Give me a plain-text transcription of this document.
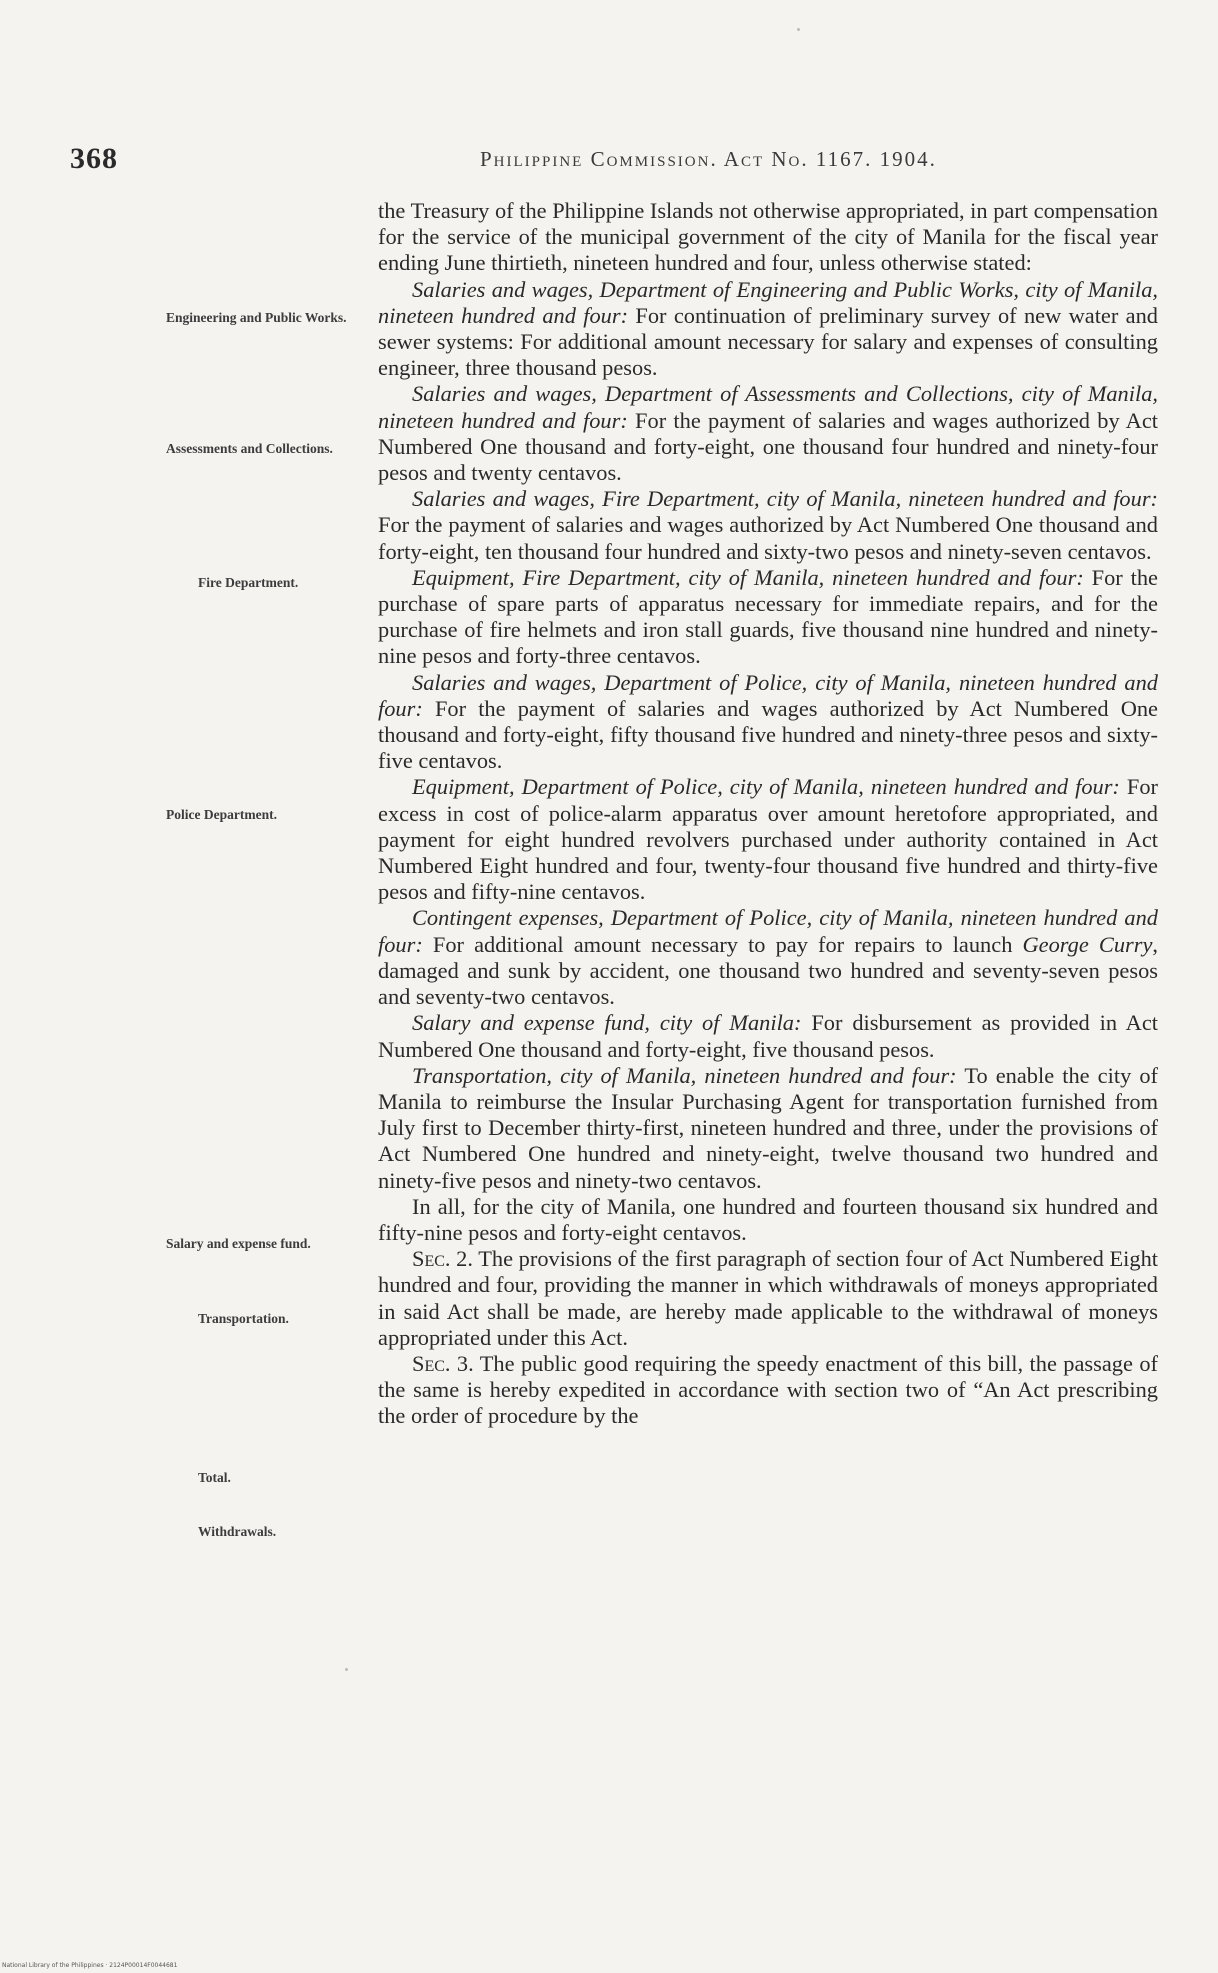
368	Philippine Commission. Act No. 1167. 1904.
Engineering and Public Works.
Assessments and Collections.
Fire Department.
Police Department.
Salary and expense fund.
Transportation.
Total.
Withdrawals.

the Treasury of the Philippine Islands not otherwise appropriated, in part compensation for the service of the municipal government of the city of Manila for the fiscal year ending June thirtieth, nineteen hundred and four, unless otherwise stated:

Salaries and wages, Department of Engineering and Public Works, city of Manila, nineteen hundred and four: For continuation of preliminary survey of new water and sewer systems: For additional amount necessary for salary and expenses of consulting engineer, three thousand pesos.

Salaries and wages, Department of Assessments and Collections, city of Manila, nineteen hundred and four: For the payment of salaries and wages authorized by Act Numbered One thousand and forty-eight, one thousand four hundred and ninety-four pesos and twenty centavos.

Salaries and wages, Fire Department, city of Manila, nineteen hundred and four: For the payment of salaries and wages authorized by Act Numbered One thousand and forty-eight, ten thousand four hundred and sixty-two pesos and ninety-seven centavos.

Equipment, Fire Department, city of Manila, nineteen hundred and four: For the purchase of spare parts of apparatus necessary for immediate repairs, and for the purchase of fire helmets and iron stall guards, five thousand nine hundred and ninety-nine pesos and forty-three centavos.

Salaries and wages, Department of Police, city of Manila, nineteen hundred and four: For the payment of salaries and wages authorized by Act Numbered One thousand and forty-eight, fifty thousand five hundred and ninety-three pesos and sixty-five centavos.

Equipment, Department of Police, city of Manila, nineteen hundred and four: For excess in cost of police-alarm apparatus over amount heretofore appropriated, and payment for eight hundred revolvers purchased under authority contained in Act Numbered Eight hundred and four, twenty-four thousand five hundred and thirty-five pesos and fifty-nine centavos.

Contingent expenses, Department of Police, city of Manila, nineteen hundred and four: For additional amount necessary to pay for repairs to launch George Curry, damaged and sunk by accident, one thousand two hundred and seventy-seven pesos and seventy-two centavos.

Salary and expense fund, city of Manila: For disbursement as provided in Act Numbered One thousand and forty-eight, five thousand pesos.

Transportation, city of Manila, nineteen hundred and four: To enable the city of Manila to reimburse the Insular Purchasing Agent for transportation furnished from July first to December thirty-first, nineteen hundred and three, under the provisions of Act Numbered One hundred and ninety-eight, twelve thousand two hundred and ninety-five pesos and ninety-two centavos.

In all, for the city of Manila, one hundred and fourteen thousand six hundred and fifty-nine pesos and forty-eight centavos.

Sec. 2. The provisions of the first paragraph of section four of Act Numbered Eight hundred and four, providing the manner in which withdrawals of moneys appropriated in said Act shall be made, are hereby made applicable to the withdrawal of moneys appropriated under this Act.

Sec. 3. The public good requiring the speedy enactment of this bill, the passage of the same is hereby expedited in accordance with section two of “An Act prescribing the order of procedure by the

National Library of the Philippines · 2124P00014F0044681
